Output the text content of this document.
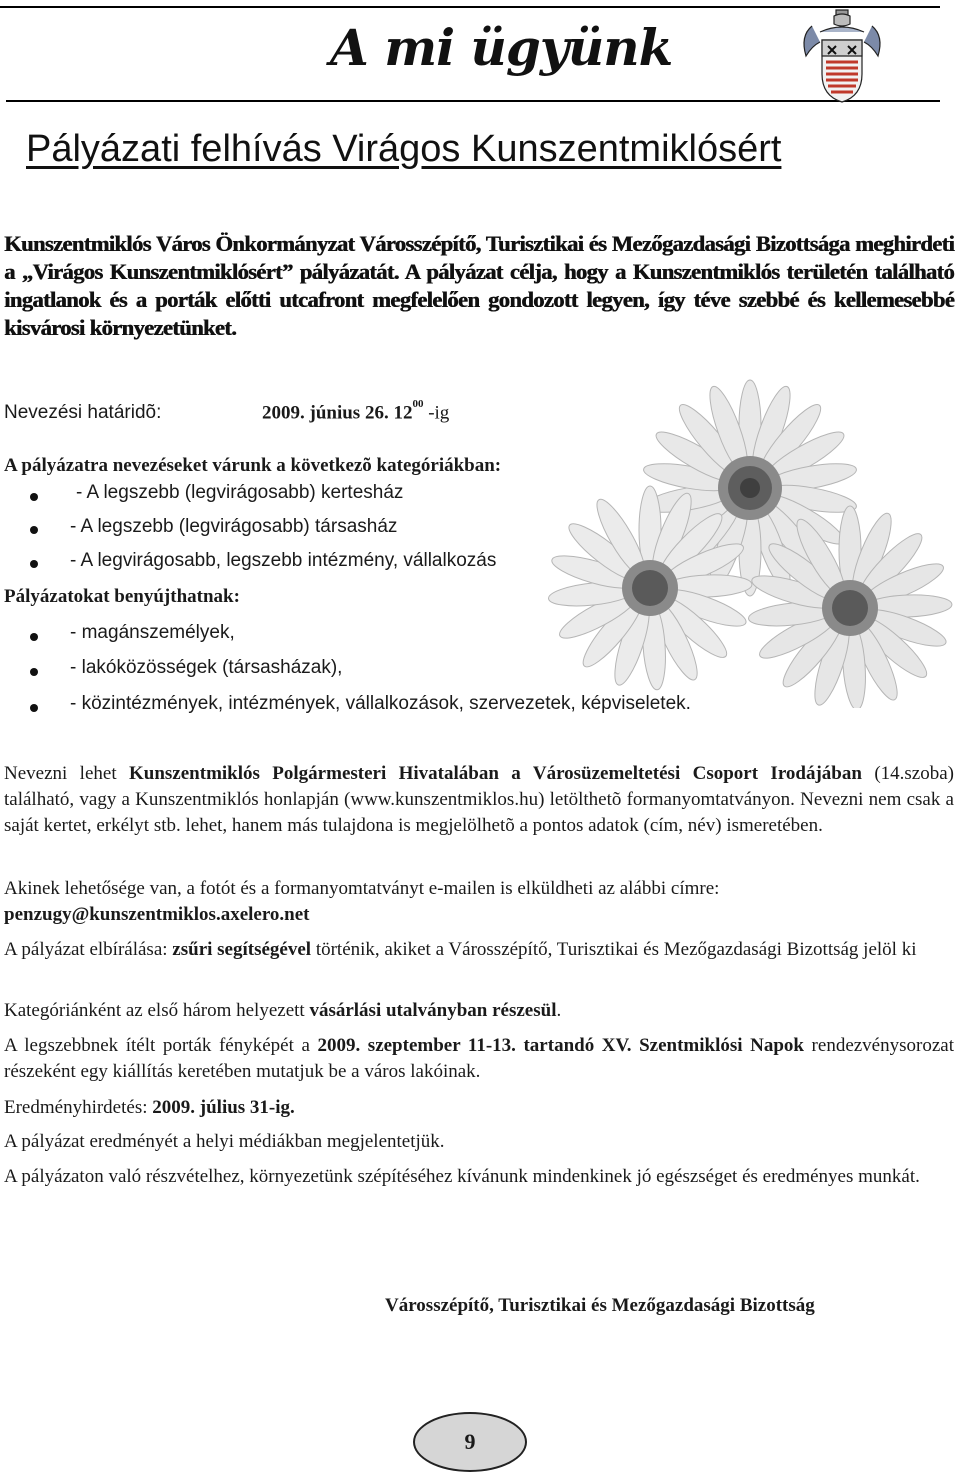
A mi ügyünk
Pályázati felhívás Virágos Kunszentmiklósért
Kunszentmiklós Város Önkormányzat Városszépítő, Turisztikai és Mezőgazdasági Bizottsága meghirdeti a „Virágos Kunszentmiklósért” pályázatát. A pályázat célja, hogy a Kunszentmiklós területén található ingatlanok és a porták előtti utcafront megfelelően gondozott legyen, így téve szebbé és kellemesebbé kisvárosi környezetünket.
Nevezési határidõ:	2009. június 26. $12^{00}$ -ig
A pályázatra nevezéseket várunk a következõ kategóriákban:
- A legszebb (legvirágosabb) kertesház
- A legszebb (legvirágosabb) társasház
- A legvirágosabb, legszebb intézmény, vállalkozás
Pályázatokat benyújthatnak:
- magánszemélyek,
- lakóközösségek (társasházak),
- közintézmények, intézmények, vállalkozások, szervezetek, képviseletek.
Nevezni lehet Kunszentmiklós Polgármesteri Hivatalában a Városüzemeltetési Csoport Irodájában (14.szoba) található, vagy a Kunszentmiklós honlapján (www.kunszentmiklos.hu) letölthetõ formanyomtatványon. Nevezni nem csak a saját kertet, erkélyt stb. lehet, hanem más tulajdona is megjelölhetõ a pontos adatok (cím, név) ismeretében.
Akinek lehetősége van, a fotót és a formanyomtatványt e-mailen is elküldheti az alábbi címre:
penzugy@kunszentmiklos.axelero.net
A pályázat elbírálása: zsűri segítségével történik, akiket a Városszépítő, Turisztikai és Mezőgazdasági Bizottság jelöl ki
Kategóriánként az első három helyezett vásárlási utalványban részesül.
A legszebbnek ítélt porták fényképét a 2009. szeptember 11-13. tartandó XV. Szentmiklósi Napok rendezvénysorozat részeként egy kiállítás keretében mutatjuk be a város lakóinak.
Eredményhirdetés: 2009. július 31-ig.
A pályázat eredményét a helyi médiákban megjelentetjük.
A pályázaton való részvételhez, környezetünk szépítéséhez kívánunk mindenkinek jó egészséget és eredményes munkát.
Városszépítő, Turisztikai és Mezőgazdasági Bizottság
9
